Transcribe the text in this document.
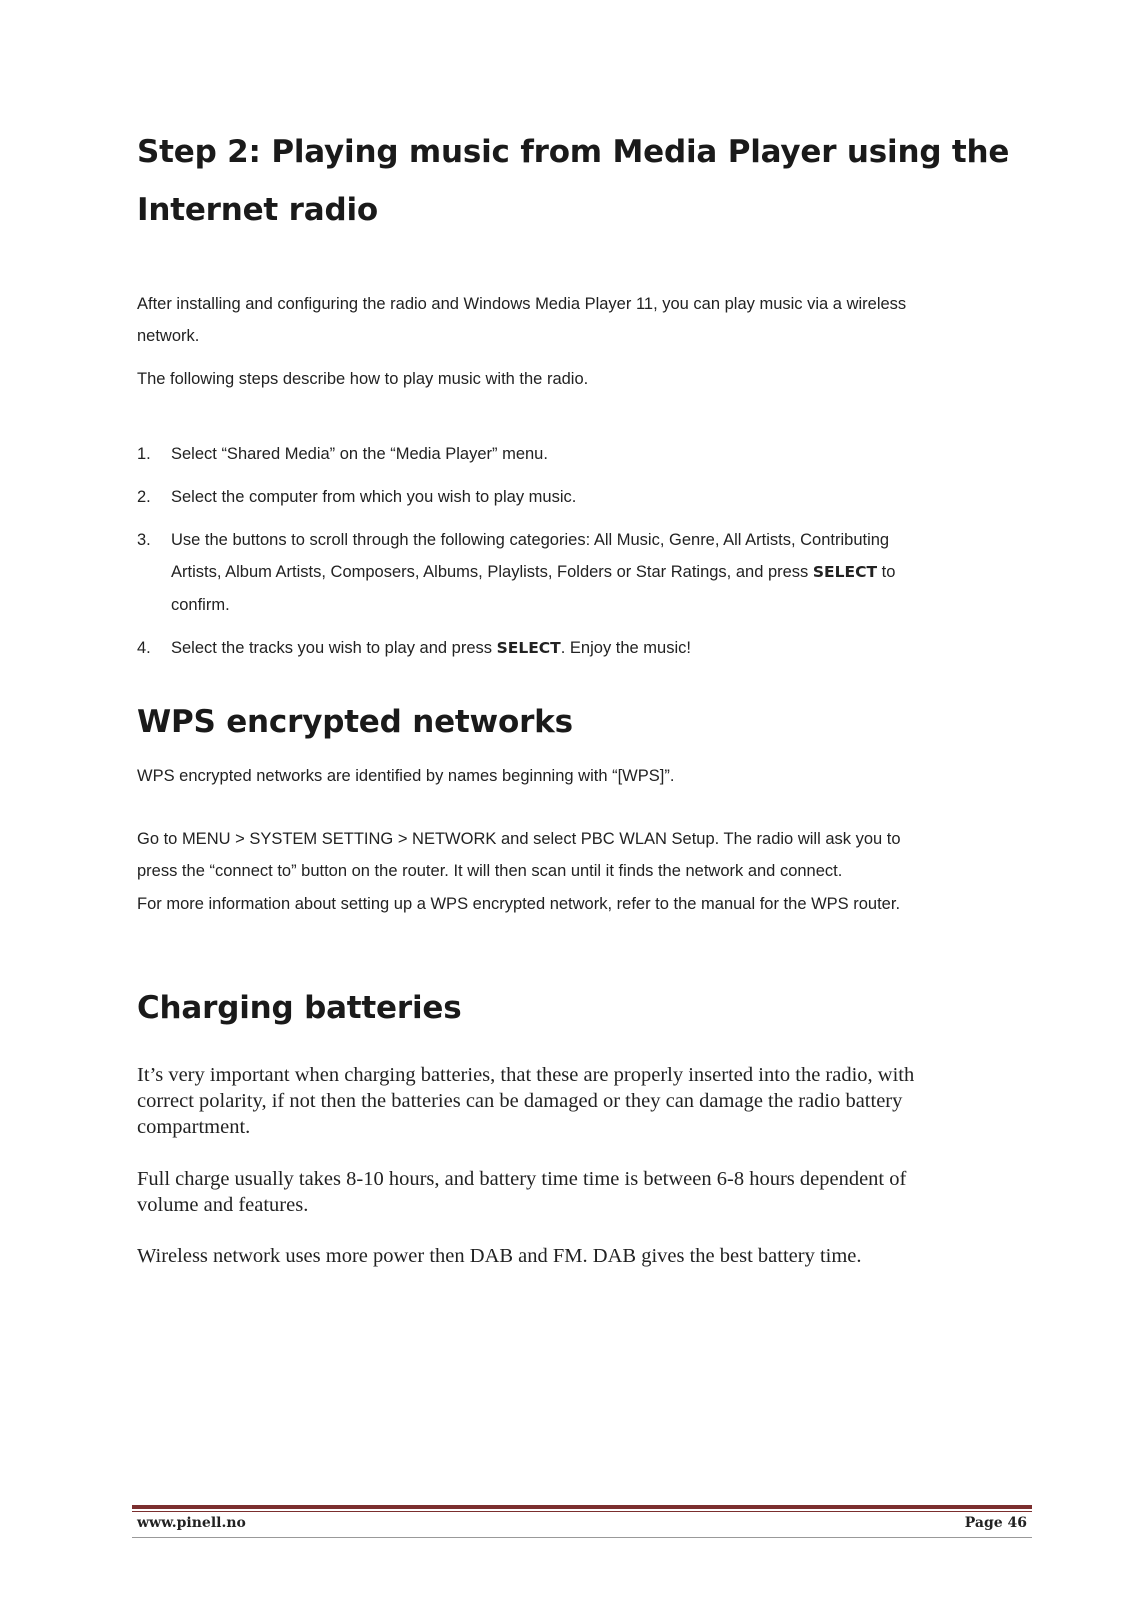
Step 2: Playing music from Media Player using the
Internet radio

After installing and configuring the radio and Windows Media Player 11, you can play music via a wireless

network.

The following steps describe how to play music with the radio.

1. Select “Shared Media” on the “Media Player” menu.
2. Select the computer from which you wish to play music.
3. Use the buttons to scroll through the following categories: All Music, Genre, All Artists, Contributing
Artists, Album Artists, Composers, Albums, Playlists, Folders or Star Ratings, and press SELECT to
confirm.
4. Select the tracks you wish to play and press SELECT. Enjoy the music!
WPS encrypted networks

WPS encrypted networks are identified by names beginning with “[WPS]”.

Go to MENU > SYSTEM SETTING > NETWORK and select PBC WLAN Setup. The radio will ask you to

press the “connect to” button on the router. It will then scan until it finds the network and connect.

For more information about setting up a WPS encrypted network, refer to the manual for the WPS router.

Charging batteries

It’s very important when charging batteries, that these are properly inserted into the radio, with

correct polarity, if not then the batteries can be damaged or they can damage the radio battery

compartment.

Full charge usually takes 8-10 hours, and battery time time is between 6-8 hours dependent of

volume and features.

Wireless network uses more power then DAB and FM. DAB gives the best battery time.

www.pinell.no	Page 46
